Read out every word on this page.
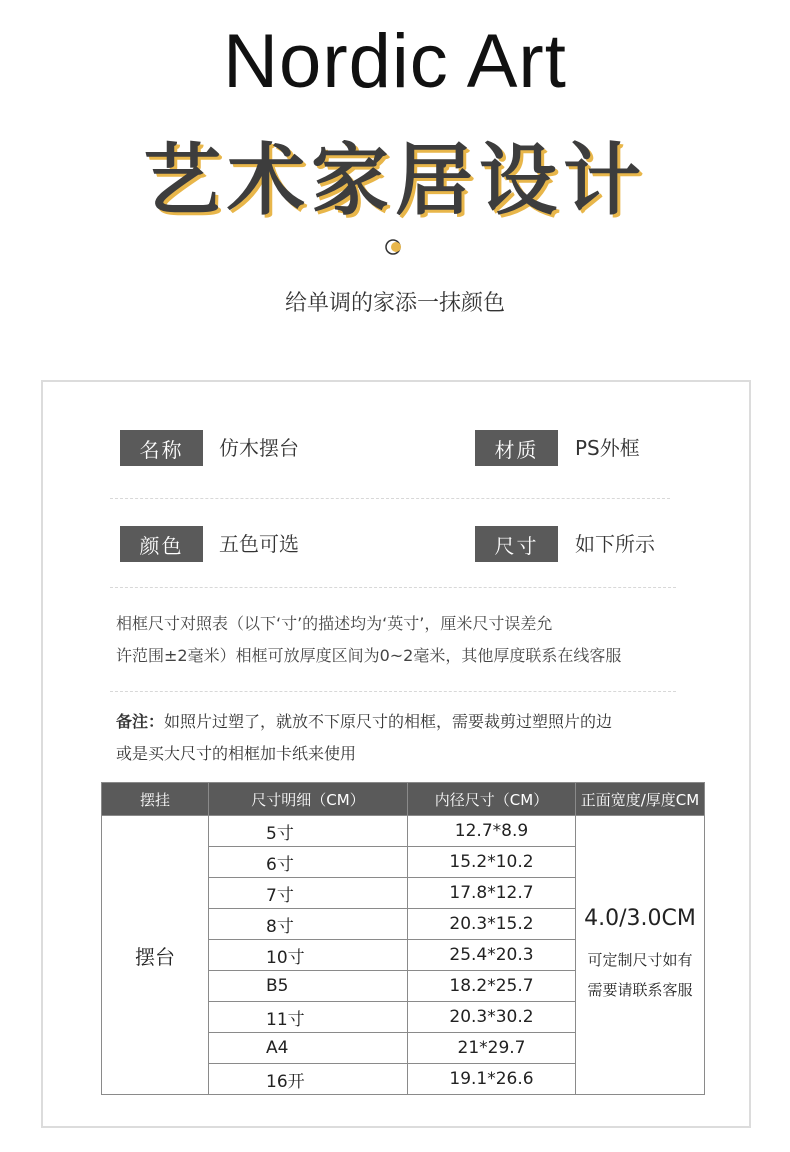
Nordic Art
艺术家居设计
给单调的家添一抹颜色
名称	仿木摆台	材质	PS外框
颜色	五色可选	尺寸	如下所示
相框尺寸对照表（以下‘寸’的描述均为‘英寸’，厘米尺寸误差允
许范围±2毫米）相框可放厚度区间为0~2毫米，其他厚度联系在线客服
备注：如照片过塑了，就放不下原尺寸的相框，需要裁剪过塑照片的边
或是买大尺寸的相框加卡纸来使用
摆挂	尺寸明细（CM）	内径尺寸（CM）	正面宽度/厚度CM
摆台	5寸	12.7*8.9	4.0/3.0CM
可定制尺寸如有
需要请联系客服

	6寸	15.2*10.2	
	7寸	17.8*12.7	
	8寸	20.3*15.2	
	10寸	25.4*20.3	
	B5	18.2*25.7	
	11寸	20.3*30.2	
	A4	21*29.7	
	16开	19.1*26.6	
